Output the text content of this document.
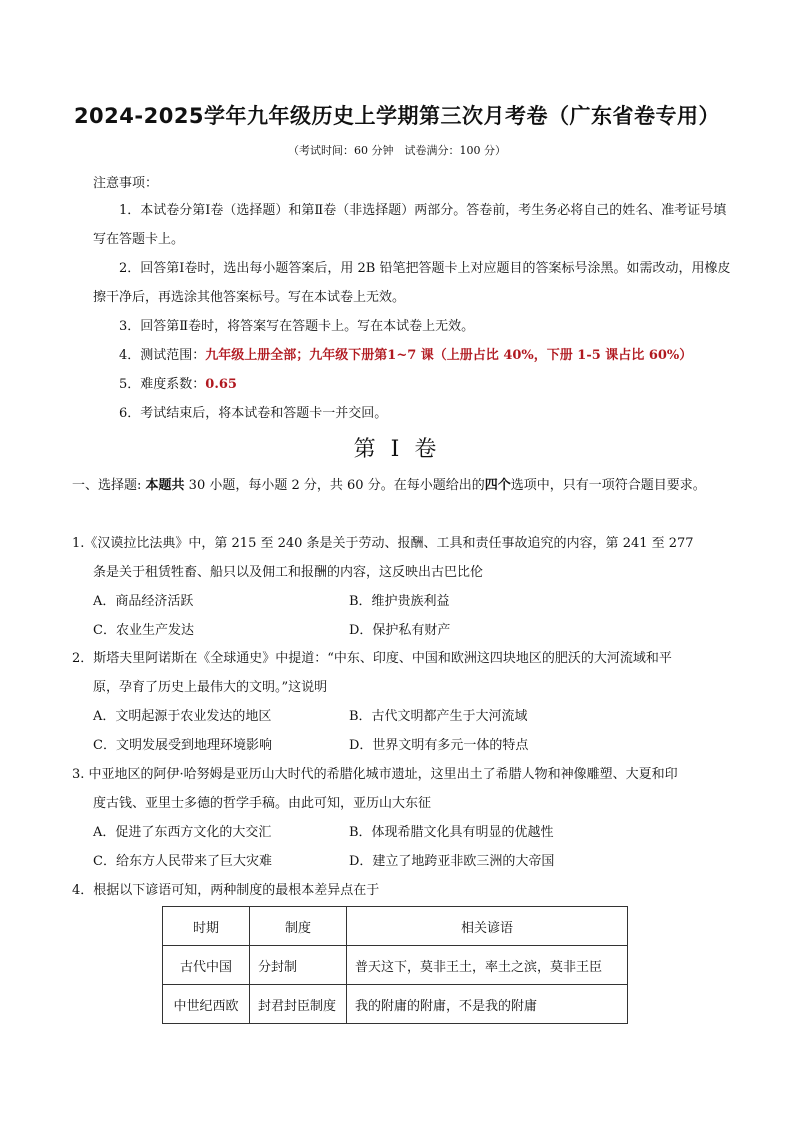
2024-2025学年九年级历史上学期第三次月考卷（广东省卷专用）
（考试时间：60 分钟　试卷满分：100 分）
注意事项：

1．本试卷分第Ⅰ卷（选择题）和第Ⅱ卷（非选择题）两部分。答卷前，考生务必将自己的姓名、准考证号填写在答题卡上。

2．回答第Ⅰ卷时，选出每小题答案后，用 2B 铅笔把答题卡上对应题目的答案标号涂黑。如需改动，用橡皮擦干净后，再选涂其他答案标号。写在本试卷上无效。

3．回答第Ⅱ卷时，将答案写在答题卡上。写在本试卷上无效。

4．测试范围：九年级上册全部；九年级下册第1~7 课（上册占比 40%，下册 1-5 课占比 60%）

5．难度系数：0.65

6．考试结束后，将本试卷和答题卡一并交回。

第 I 卷
一、选择题: 本题共 30 小题，每小题 2 分，共 60 分。在每小题给出的四个选项中，只有一项符合题目要求。

1.《汉谟拉比法典》中，第 215 至 240 条是关于劳动、报酬、工具和责任事故追究的内容，第 241 至 277

条是关于租赁牲畜、船只以及佣工和报酬的内容，这反映出古巴比伦

A．商品经济活跃	B．维护贵族利益
C．农业生产发达	D．保护私有财产

2．斯塔夫里阿诺斯在《全球通史》中提道：“中东、印度、中国和欧洲这四块地区的肥沃的大河流域和平

原，孕育了历史上最伟大的文明。”这说明

A．文明起源于农业发达的地区	B．古代文明都产生于大河流域
C．文明发展受到地理环境影响	D．世界文明有多元一体的特点

3. 中亚地区的阿伊·哈努姆是亚历山大时代的希腊化城市遗址，这里出土了希腊人物和神像雕塑、大夏和印

度古钱、亚里士多德的哲学手稿。由此可知，亚历山大东征

A．促进了东西方文化的大交汇	B．体现希腊文化具有明显的优越性
C．给东方人民带来了巨大灾难	D．建立了地跨亚非欧三洲的大帝国

4．根据以下谚语可知，两种制度的最根本差异点在于

时期	制度	相关谚语
古代中国	分封制	普天这下，莫非王土，率土之滨，莫非王臣
中世纪西欧	封君封臣制度	我的附庸的附庸，不是我的附庸
